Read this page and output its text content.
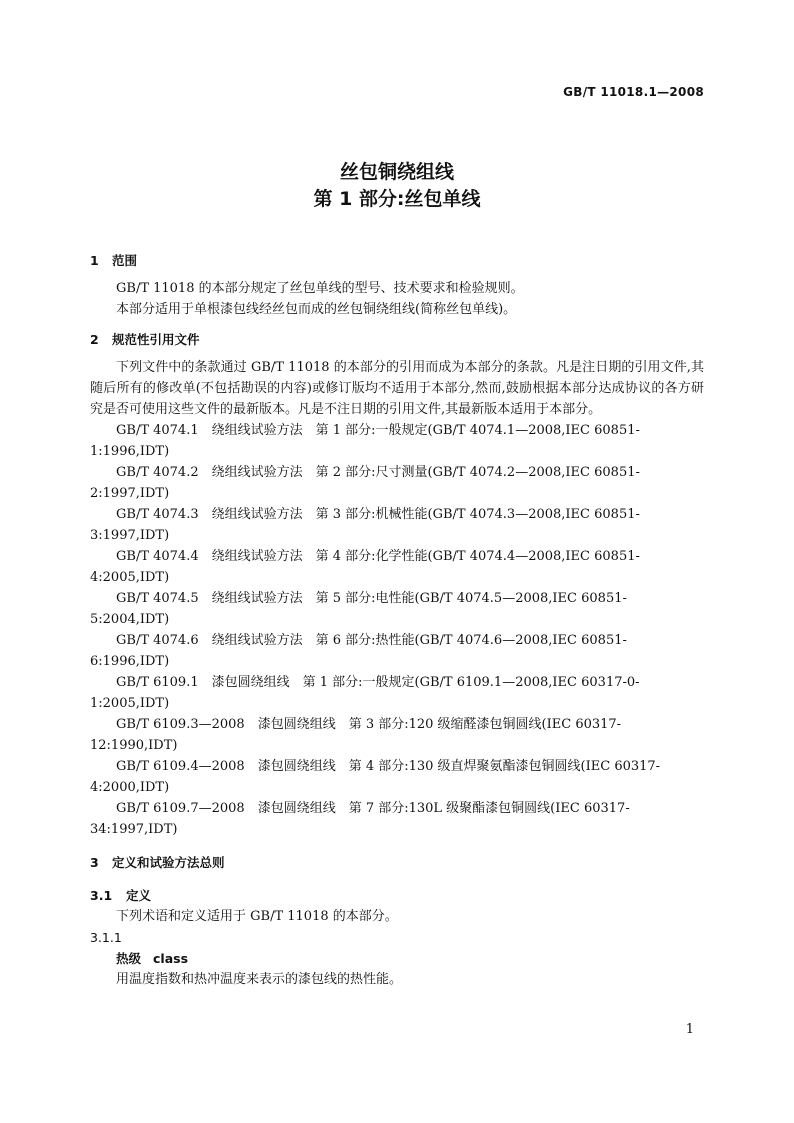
GB/T 11018.1—2008
丝包铜绕组线
第 1 部分:丝包单线
1 范围
GB/T 11018 的本部分规定了丝包单线的型号、技术要求和检验规则。
本部分适用于单根漆包线经丝包而成的丝包铜绕组线(简称丝包单线)。
2 规范性引用文件
下列文件中的条款通过 GB/T 11018 的本部分的引用而成为本部分的条款。凡是注日期的引用文件,其随后所有的修改单(不包括勘误的内容)或修订版均不适用于本部分,然而,鼓励根据本部分达成协议的各方研究是否可使用这些文件的最新版本。凡是不注日期的引用文件,其最新版本适用于本部分。
GB/T 4074.1　绕组线试验方法　第 1 部分:一般规定(GB/T 4074.1—2008,IEC 60851-1:1996,IDT)
GB/T 4074.2　绕组线试验方法　第 2 部分:尺寸测量(GB/T 4074.2—2008,IEC 60851-2:1997,IDT)
GB/T 4074.3　绕组线试验方法　第 3 部分:机械性能(GB/T 4074.3—2008,IEC 60851-3:1997,IDT)
GB/T 4074.4　绕组线试验方法　第 4 部分:化学性能(GB/T 4074.4—2008,IEC 60851-4:2005,IDT)
GB/T 4074.5　绕组线试验方法　第 5 部分:电性能(GB/T 4074.5—2008,IEC 60851-5:2004,IDT)
GB/T 4074.6　绕组线试验方法　第 6 部分:热性能(GB/T 4074.6—2008,IEC 60851-6:1996,IDT)
GB/T 6109.1　漆包圆绕组线　第 1 部分:一般规定(GB/T 6109.1—2008,IEC 60317-0-1:2005,IDT)
GB/T 6109.3—2008　漆包圆绕组线　第 3 部分:120 级缩醛漆包铜圆线(IEC 60317-12:1990,IDT)
GB/T 6109.4—2008　漆包圆绕组线　第 4 部分:130 级直焊聚氨酯漆包铜圆线(IEC 60317-4:2000,IDT)
GB/T 6109.7—2008　漆包圆绕组线　第 7 部分:130L 级聚酯漆包铜圆线(IEC 60317-34:1997,IDT)
3 定义和试验方法总则
3.1 定义
下列术语和定义适用于 GB/T 11018 的本部分。
3.1.1
热级 class
用温度指数和热冲温度来表示的漆包线的热性能。
1
